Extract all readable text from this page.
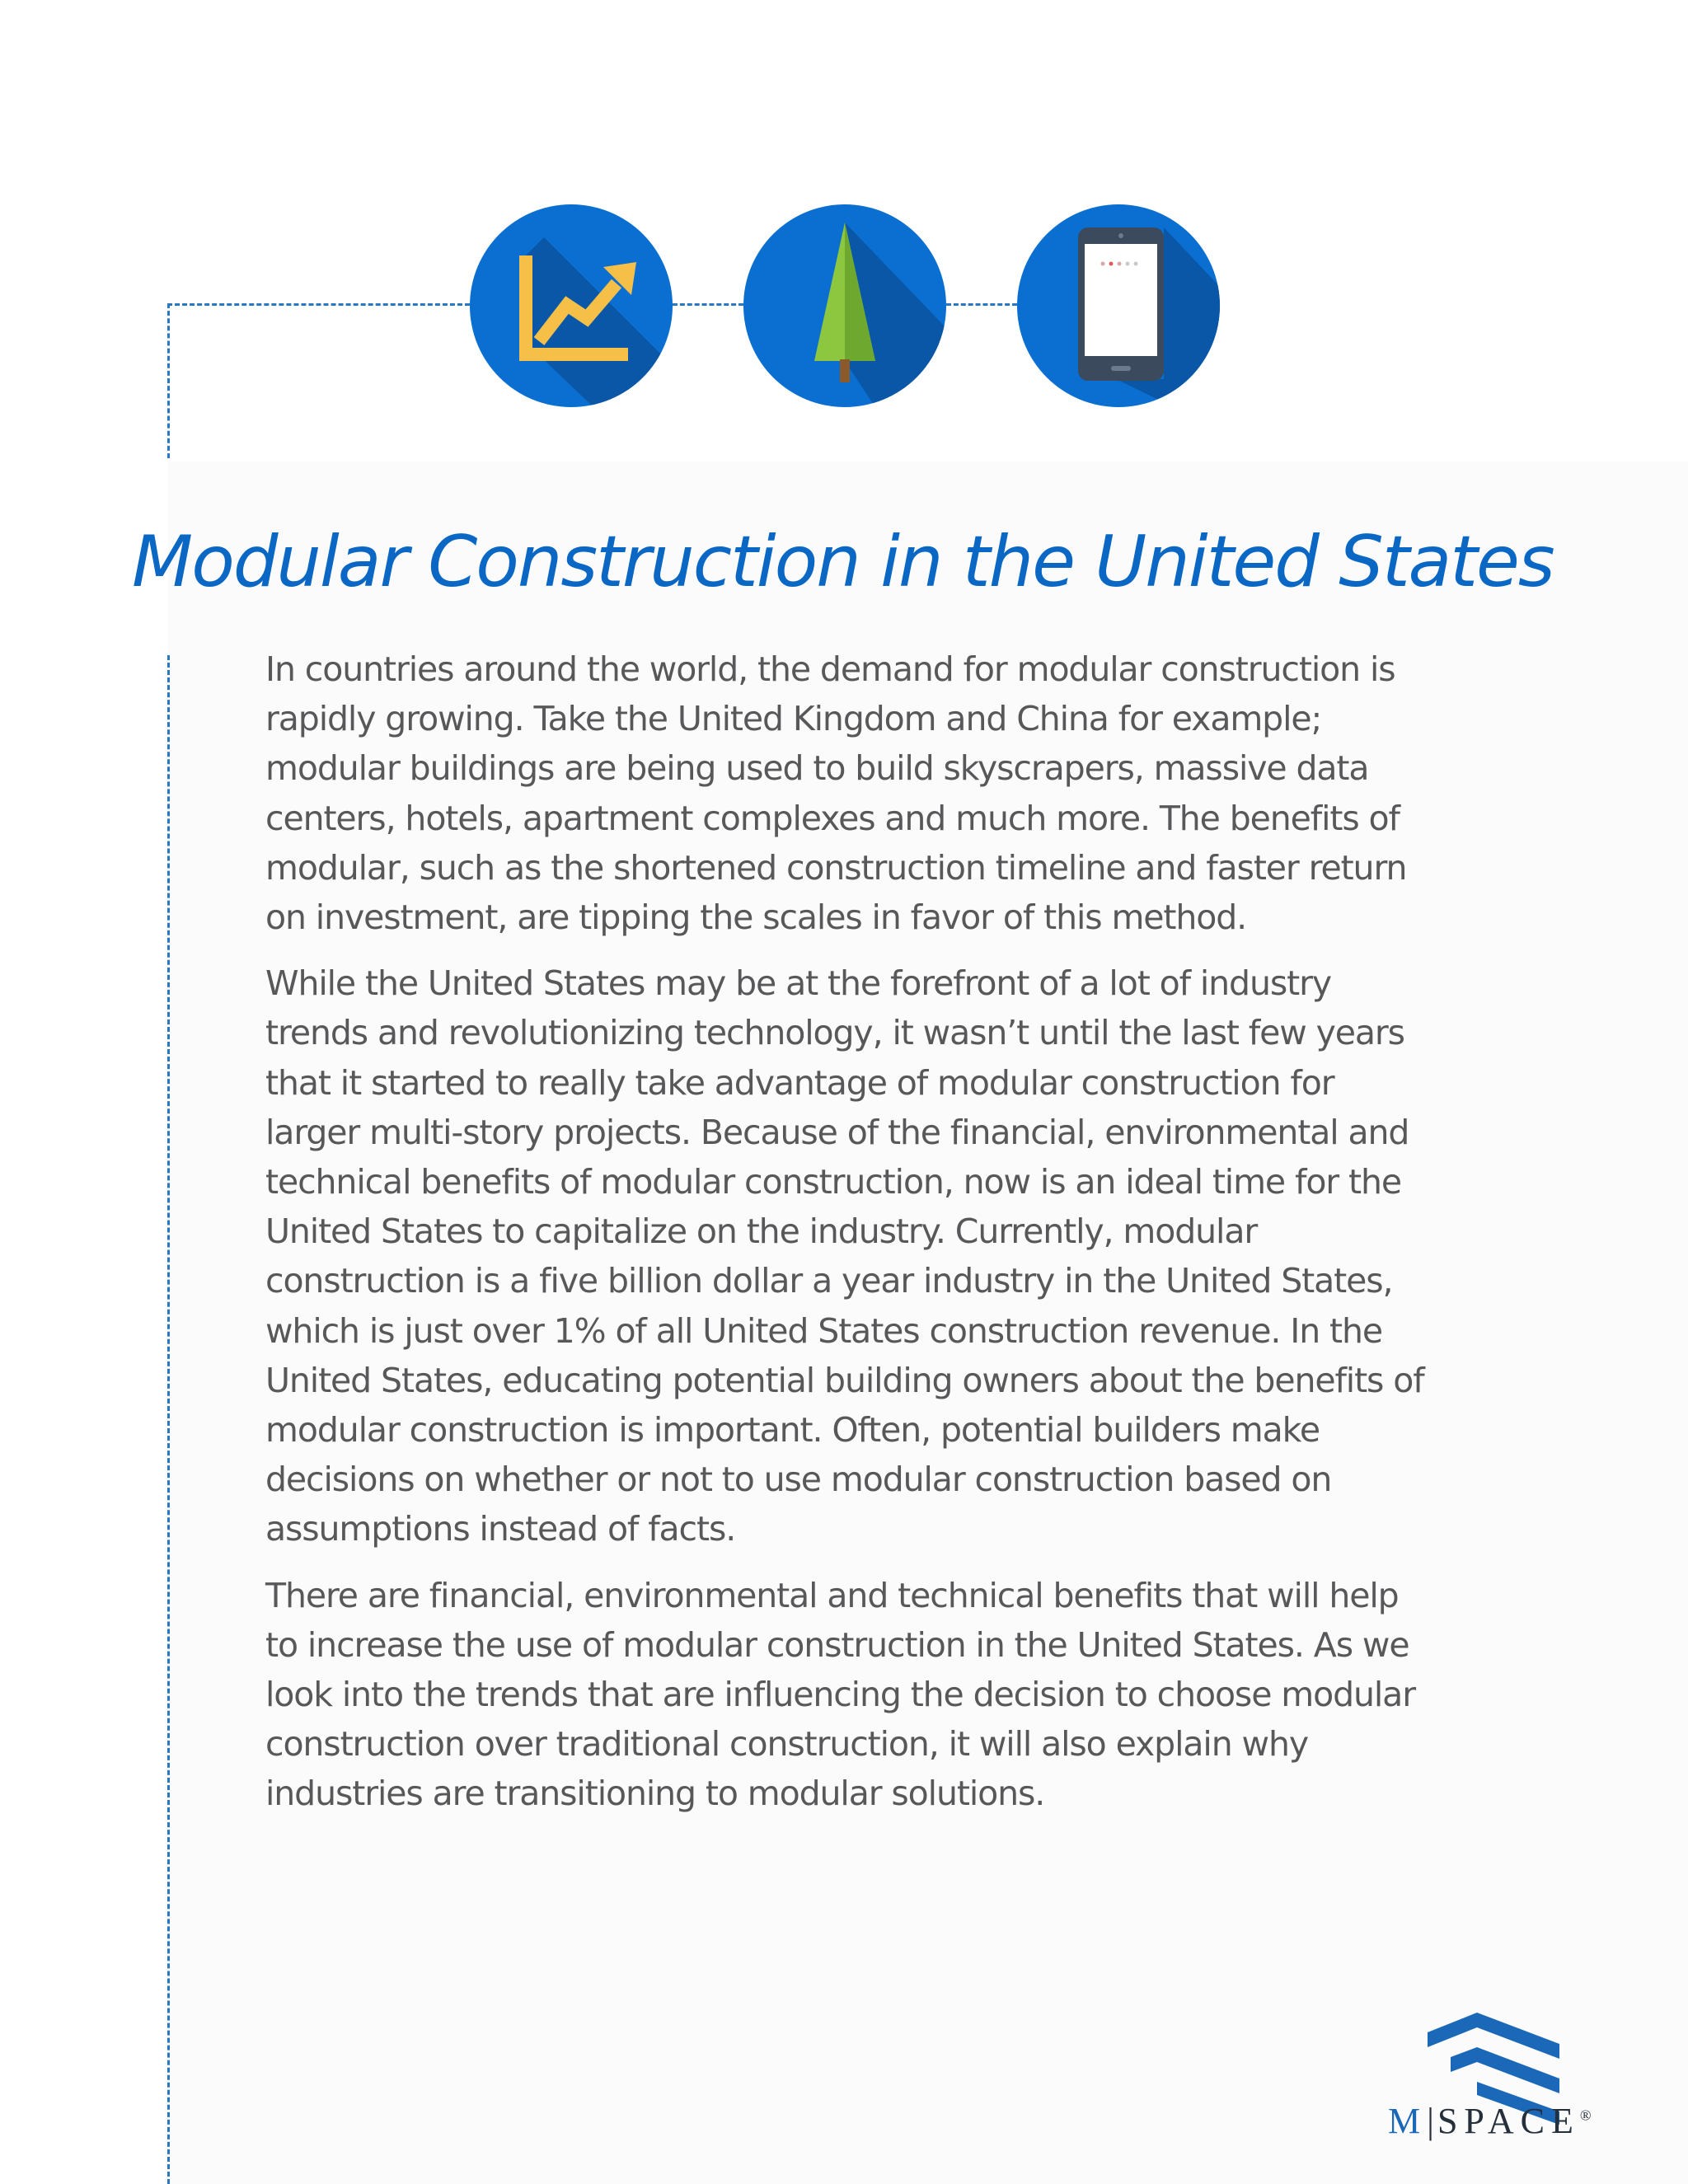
Modular Construction in the United States

In countries around the world, the demand for modular construction is rapidly growing. Take the United Kingdom and China for example; modular buildings are being used to build skyscrapers, massive data centers, hotels, apartment complexes and much more. The benefits of modular, such as the shortened construction timeline and faster return on investment, are tipping the scales in favor of this method.

While the United States may be at the forefront of a lot of industry trends and revolutionizing technology, it wasn’t until the last few years that it started to really take advantage of modular construction for larger multi-story projects. Because of the financial, environmental and technical benefits of modular construction, now is an ideal time for the United States to capitalize on the industry. Currently, modular construction is a five billion dollar a year industry in the United States, which is just over 1% of all United States construction revenue. In the United States, educating potential building owners about the benefits of modular construction is important. Often, potential builders make decisions on whether or not to use modular construction based on assumptions instead of facts.

There are financial, environmental and technical benefits that will help to increase the use of modular construction in the United States. As we look into the trends that are influencing the decision to choose modular construction over traditional construction, it will also explain why industries are transitioning to modular solutions.

M|SPACE®
